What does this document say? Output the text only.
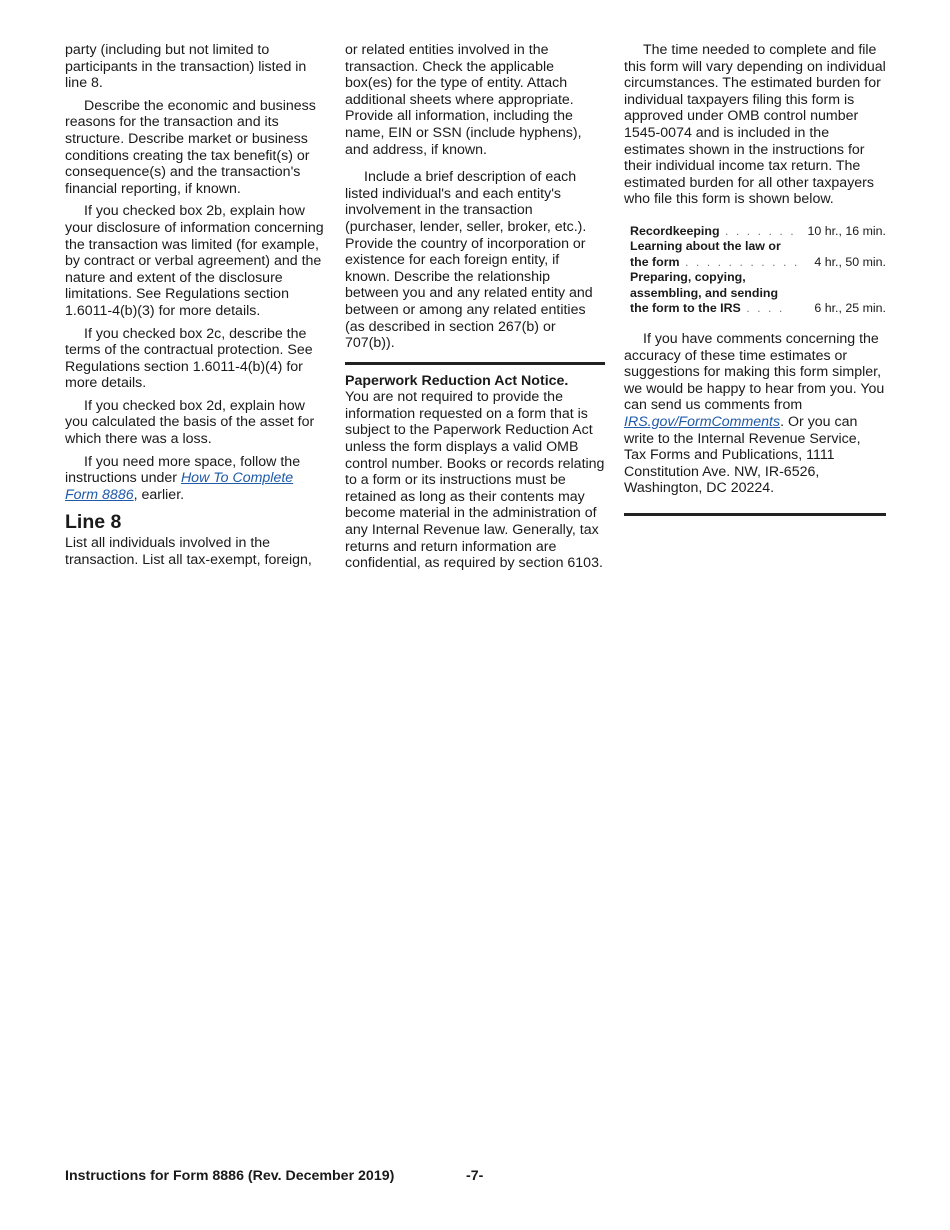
party (including but not limited to participants in the transaction) listed in line 8.

Describe the economic and business reasons for the transaction and its structure. Describe market or business conditions creating the tax benefit(s) or consequence(s) and the transaction's financial reporting, if known.

If you checked box 2b, explain how your disclosure of information concerning the transaction was limited (for example, by contract or verbal agreement) and the nature and extent of the disclosure limitations. See Regulations section 1.6011-4(b)(3) for more details.

If you checked box 2c, describe the terms of the contractual protection. See Regulations section 1.6011-4(b)(4) for more details.

If you checked box 2d, explain how you calculated the basis of the asset for which there was a loss.

If you need more space, follow the instructions under How To Complete Form 8886, earlier.

Line 8

List all individuals involved in the transaction. List all tax-exempt, foreign,

or related entities involved in the transaction. Check the applicable box(es) for the type of entity. Attach additional sheets where appropriate. Provide all information, including the name, EIN or SSN (include hyphens), and address, if known.

Include a brief description of each listed individual's and each entity's involvement in the transaction (purchaser, lender, seller, broker, etc.). Provide the country of incorporation or existence for each foreign entity, if known. Describe the relationship between you and any related entity and between or among any related entities (as described in section 267(b) or 707(b)).

Paperwork Reduction Act Notice.

You are not required to provide the information requested on a form that is subject to the Paperwork Reduction Act unless the form displays a valid OMB control number. Books or records relating to a form or its instructions must be retained as long as their contents may become material in the administration of any Internal Revenue law. Generally, tax returns and return information are confidential, as required by section 6103.

The time needed to complete and file this form will vary depending on individual circumstances. The estimated burden for individual taxpayers filing this form is approved under OMB control number 1545-0074 and is included in the estimates shown in the instructions for their individual income tax return. The estimated burden for all other taxpayers who file this form is shown below.

Recordkeeping . . . . . . .	10 hr., 16 min.
Learning about the law or	
the form . . . . . . . . . . .	4 hr., 50 min.
Preparing, copying,	
assembling, and sending	
the form to the IRS . . . .	6 hr., 25 min.

If you have comments concerning the accuracy of these time estimates or suggestions for making this form simpler, we would be happy to hear from you. You can send us comments from IRS.gov/FormComments. Or you can write to the Internal Revenue Service, Tax Forms and Publications, 1111 Constitution Ave. NW, IR-6526, Washington, DC 20224.

Instructions for Form 8886 (Rev. December 2019)	-7-
